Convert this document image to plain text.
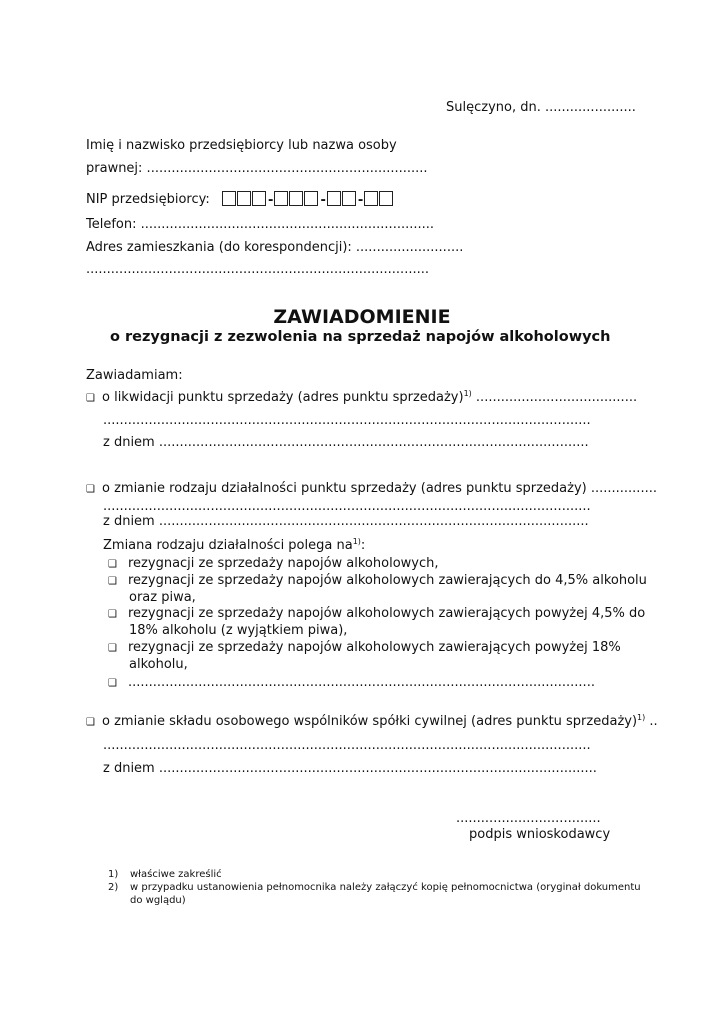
Sulęczyno, dn. ......................
Imię i nazwisko przedsiębiorcy lub nazwa osoby
prawnej: ....................................................................
NIP przedsiębiorcy:	-	- -
Telefon: .......................................................................
Adres zamieszkania (do korespondencji): ..........................
...................................................................................
ZAWIADOMIENIE
o rezygnacji z zezwolenia na sprzedaż napojów alkoholowych
Zawiadamiam:
❑ o likwidacji punktu sprzedaży (adres punktu sprzedaży)$^{1)}$ .......................................
......................................................................................................................
z dniem ........................................................................................................
❑ o zmianie rodzaju działalności punktu sprzedaży (adres punktu sprzedaży) ................
......................................................................................................................
z dniem ........................................................................................................
Zmiana rodzaju działalności polega $na^{1)}$:
❑ rezygnacji ze sprzedaży napojów alkoholowych,
❑ rezygnacji ze sprzedaży napojów alkoholowych zawierających do 4,5% alkoholu
oraz piwa,
❑ rezygnacji ze sprzedaży napojów alkoholowych zawierających powyżej 4,5% do
18% alkoholu (z wyjątkiem piwa),
❑ rezygnacji ze sprzedaży napojów alkoholowych zawierających powyżej 18%
alkoholu,
❑ .................................................................................................................
❑ o zmianie składu osobowego wspólników spółki cywilnej (adres punktu sprzedaży)$^{1)}$ ..
......................................................................................................................
z dniem ..........................................................................................................
...................................
podpis wnioskodawcy
1) właściwe zakreślić
2) w przypadku ustanowienia pełnomocnika należy załączyć kopię pełnomocnictwa (oryginał dokumentu
do wglądu)
